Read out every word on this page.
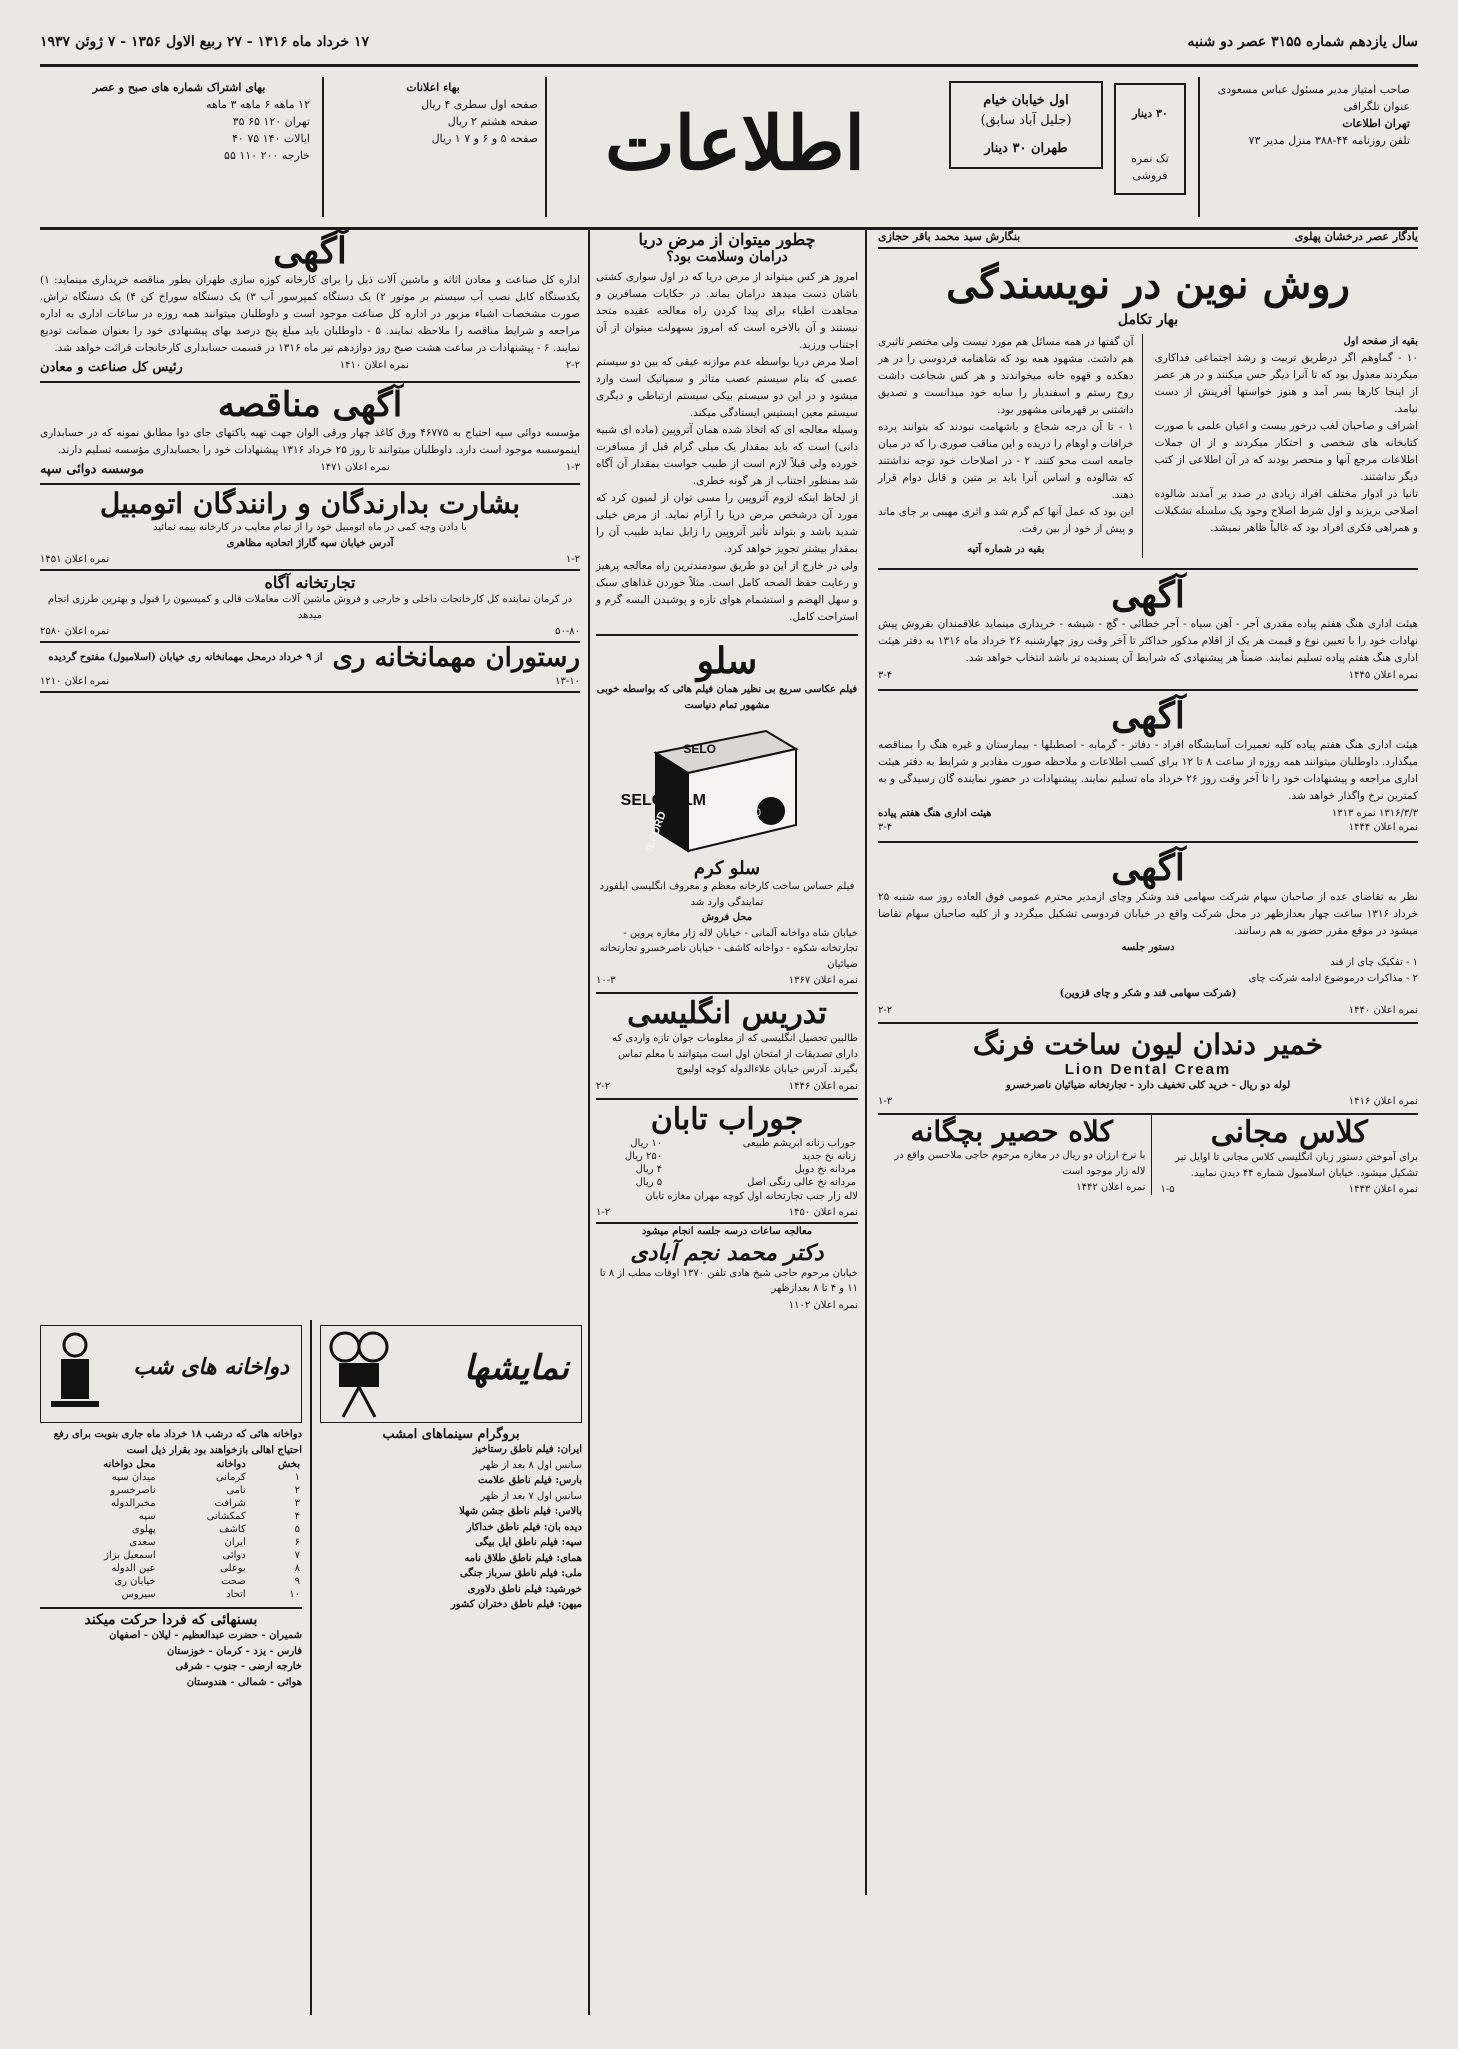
سال یازدهم شماره ۳۱۵۵ عصر دو شنبه
۱۷ خرداد ماه ۱۳۱۶ - ۲۷ ربیع الاول ۱۳۵۶ - ۷ ژوئن ۱۹۳۷
صاحب امتیاز مدیر مسئول عباس مسعودی
عنوان تلگرافی
تهران اطلاعات
تلفن روزنامه ۴۴-۳۸۸ منزل مدیر ۷۳
۳۰ دینار
تک نمره فروشی
اول خیابان خیام
(جلیل آباد سابق)
طهران ۳۰ دینار
اطلاعات
بهاء اعلانات
صفحه اول سطری ۴ ریال
صفحه هشتم ۲ ریال
صفحه ۵ و ۶ و ۷ ۱ ریال
بهای اشتراک شماره های صبح و عصر
۱۲ ماهه ۶ ماهه ۳ ماهه
تهران ۱۲۰ ۶۵ ۳۵
ایالات ۱۴۰ ۷۵ ۴۰
خارجه ۲۰۰ ۱۱۰ ۵۵
یادگار عصر درخشان پهلوی
بنگارش سید محمد باقر حجازی
روش نوین در نویسندگی
بهار تکامل
بقیه از صفحه اول

۱۰ - گماوهم اگر درطریق تربیت و رشد اجتماعی فداکاری میکردند معذول بود که تا آنرا دیگر حس میکنند و در هر عصر از اینجا کارها بسر آمد و هنوز خواستها آفرینش از دست نیامد.

اشراف و صاحبان لغب درخور بیست و اعیان علمی با صورت کتابخانه های شخصی و احتکار میکردند و از ان جملات اطلاعات مرجع آنها و منحصر بودند که در آن اطلاعی از کتب دیگر نداشتند.

تانیا در ادوار مختلف افراد زیادی در صدد بر آمدند شالوده اصلاحی بریزند و اول شرط اصلاح وجود یک سلسله تشکیلات و همراهی فکری افراد بود که غالباً ظاهر نمیشد.

آن گفتها در همه مسائل هم مورد نیست ولی مختصر تاثیری هم داشت. مشهود همه بود که شاهنامه فردوسی را در هر دهکده و قهوه خانه میخواندند و هر کس شجاعت داشت روح رستم و اسفندیار را سایه خود میدانست و تصدیق داشتنی بر قهرمانی مشهور بود.

۱ - تا آن درجه شجاع و باشهامت نبودند که بتوانند پرده خرافات و اوهام را دریده و این مناقب صوری را که در میان جامعه است محو کنند. ۲ - در اصلاحات خود توجه نداشتند که شالوده و اساس آنرا باید بر متین و قابل دوام قرار دهند.

این بود که عمل آنها کم گرم شد و اثری مهیبی بر جای ماند و پیش از خود از بین رفت.

بقیه در شماره آتیه
آگهی

هیئت ادارى هنگ هفتم پیاده مقدری آجر - آهن سیاه - آجر خطائی - گچ - شیشه - خریداری مینماید علاقمندان بفروش پیش نهادات خود را با تعیین نوع و قیمت هر یک از اقلام مذکور حداکثر تا آخر وقت روز چهارشنبه ۲۶ خرداد ماه ۱۳۱۶ به دفتر هیئت ادارى هنگ هفتم پیاده تسلیم نمایند. ضمناً هر پیشنهادی که شرایط آن پسندیده تر باشد انتخاب خواهد شد.

نمره اعلان ۱۴۴۵
۳-۴
آگهی

هیئت ادارى هنگ هفتم پیاده کلیه تعمیرات آسایشگاه افراد - دفاتر - گرمابه - اصطبلها - بیمارستان و غیره هنگ را بمناقصه میگذارد. داوطلبان میتوانند همه روزه از ساعت ۸ تا ۱۲ برای کسب اطلاعات و ملاحظه صورت مقادیر و شرایط به دفتر هیئت ادارى مراجعه و پیشنهادات خود را تا آخر وقت روز ۲۶ خرداد ماه تسلیم نمایند. پیشنهادات در حضور نماینده گان رسیدگی و به کمترین نرخ واگذار خواهد شد.

۱۳۱۶/۳/۳ نمره ۱۳۱۳
هیئت ادارى هنگ هفتم پیاده
نمره اعلان ۱۴۴۴
۳-۴
آگهی

نظر به تقاضای عده از صاحبان سهام شرکت سهامی قند وشکر وچای ازمدیر محترم عمومی فوق العاده روز سه شنبه ۲۵ خرداد ۱۳۱۶ ساعت چهار بعدازظهر در محل شرکت واقع در خیابان فردوسی تشکیل میگردد و از کلیه صاحبان سهام تقاضا میشود در موقع مقرر حضور به هم رسانند.

دستور جلسه
۱ - تفکیک چای از قند
۲ - مذاکرات درموضوع ادامه شرکت چای
(شرکت سهامی قند و شکر و چای قزوین)
نمره اعلان ۱۴۴۰
۲-۲
خمیر دندان لیون ساخت فرنگ
Lion Dental Cream
لوله دو ریال - خرید کلی تخفیف دارد - تجارتخانه ضیائیان ناصرخسرو
نمره اعلان ۱۴۱۶
۱-۳
کلاس مجانی

برای آموختن دستور زبان انگلیسی کلاس مجانی تا اوایل تیر تشکیل میشود. خیابان اسلامبول شماره ۴۴ دیدن نمایید.

نمره اعلان ۱۴۴۳
۱-۵
کلاه حصیر بچگانه

با نرخ ارزان دو ریال در مغازه مرحوم حاجی ملاحسن واقع در لاله زار موجود است

نمره اعلان ۱۴۴۲
چطور میتوان از مرض دریا
درامان وسلامت بود؟

امروز هر کس میتواند از مرض دریا که در اول سواری کشتی باشان دست میدهد درامان بماند. در حکایات مسافرین و مجاهدت اطباء برای پیدا کردن راه معالجه عقیده متحد نیستند و آن بالاخره است که امروز بسهولت میتوان از آن اجتناب ورزید.

اصلا مرض دریا بواسطه عدم موازنه عیقی که بین دو سیستم عصبی که بنام سیستم عصب متاثر و سمپاتیک است وارد میشود و در این دو سیستم بیکی سیستم ارتباطی و دیگری سیستم معین ابستیس ایستادگی میکند.

وسیله معالجه ای که اتخاذ شده همان آتروپین (ماده ای شبیه دانی) است که باید بمقدار یک میلی گرام قبل از مسافرت خورده ولی قبلاً لازم است از طبیب حواست بمقدار آن آگاه شد بمنظور اجتناب از هر گونه خطری.

از لحاظ اینکه لزوم آتروپین را مسی توان از لمیون کرد که مورد آن درشخص مرض دریا را آرام نماید. از مرض خیلی شدید باشد و بتواند تأثیر آتروپین را زایل نماید طبیب آن را بمقدار بیشتر تجویز خواهد کرد.

ولی در خارج از این دو طریق سودمندترین راه معالجه پرهیز و رعایت حفظ الصحه کامل است. مثلاً خوردن غذاهای سبک و سهل الهضم و استشمام هوای تازه و پوشیدن البسه گرم و استراحت کامل.

سلو
فیلم عکاسی سریع بی نظیر همان فیلم هائی که بواسطه خوبی مشهور تمام دنیاست
SELO
ILFORD
SELO FILM
120
سلو کرم

فیلم حساس ساخت کارخانه معظم و معروف انگلیسی ایلفورد نمایندگی وارد شد

محل فروش

خیابان شاه دواخانه آلمانی - خیابان لاله زار مغازه پروین - تجارتخانه شکوه - دواخانه کاشف - خیابان ناصرخسرو تجارتخانه ضیائیان

نمره اعلان ۱۳۶۷
۱۰-۳
تدریس انگلیسی

طالبین تحصیل انگلیسی که از معلومات جوان تازه واردی که دارای تصدیقات از امتحان اول است میتوانند با معلم تماس بگیرند. آدرس خیابان علاءالدوله کوچه اولیوچ

نمره اعلان ۱۴۴۶
۲-۲
جوراب تابان
جوراب زنانه ابریشم طبیعی	۱۰ ریال
زنانه نخ جدید	۲۵۰ ریال
مردانه نخ دوبل	۴ ریال
مردانه نخ عالی رنگی اصل	۵ ریال

لاله زار جنب تجارتخانه اول کوچه مهران مغازه تابان

نمره اعلان ۱۴۵۰
۱-۲
معالجه ساعات درسه جلسه انجام میشود
دکتر محمد نجم آبادی

خیابان مرحوم حاجی شیخ هادی تلفن ۱۳۷۰ اوقات مطب از ۸ تا ۱۱ و ۴ تا ۸ بعدازظهر

نمره اعلان ۱۱۰۲
آگهی

اداره کل صناعت و معادن اثاثه و ماشین آلات ذیل را برای کارخانه کوزه سازی طهران بطور مناقصه خریداری مینماید: ۱) یکدستگاه کابل نصب آب سیستم بر موتور ۲) یک دستگاه کمپرسور آب ۳) یک دستگاه سوراخ کن ۴) یک دستگاه تراش. صورت مشخصات اشیاء مزبور در اداره کل صناعت موجود است و داوطلبان میتوانند همه روزه در ساعات اداری به اداره مراجعه و شرایط مناقصه را ملاحظه نمایند. ۵ - داوطلبان باید مبلغ پنج درصد بهای پیشنهادی خود را بعنوان ضمانت تودیع نمایند. ۶ - پیشنهادات در ساعت هشت صبح روز دوازدهم تیر ماه ۱۳۱۶ در قسمت حسابداری کارخانجات قرائت خواهد شد.

۲-۲
نمره اعلان ۱۴۱۰
رئیس کل صناعت و معادن
آگهی مناقصه

مؤسسه دوائی سپه احتیاج به ۴۶۷۷۵ ورق کاغذ چهار ورقی الوان جهت تهیه پاکتهای جای دوا مطابق نمونه که در حسابداری اینموسسه موجود است دارد. داوطلبان میتوانند تا روز ۲۵ خرداد ۱۳۱۶ پیشنهادات خود را بحسابداری مؤسسه تسلیم دارند.

۱-۳
نمره اعلان ۱۴۷۱
موسسه دوائی سپه
بشارت بدارندگان و رانندگان اتومبیل

با دادن وجه کمی در ماه اتومبیل خود را از تمام معایب در کارخانه بیمه نمائید

آدرس خیابان سپه گاراژ اتحادیه مظاهری
۱-۲
نمره اعلان ۱۴۵۱
تجارتخانه آگاه

در کرمان نماینده کل کارخانجات داخلی و خارجی و فروش ماشین آلات معاملات قالی و کمیسیون را قبول و بهترین طرزی انجام میدهد

۵۰-۸۰
نمره اعلان ۲۵۸۰
رستوران مهمانخانه ری
از ۹ خرداد درمحل مهمانخانه ری خیابان (اسلامبول) مفتوح گردیده
۱۳-۱۰
نمره اعلان ۱۲۱۰
نمایشها
بروگرام سینماهای امشب
ایران: فیلم ناطق رستاخیز
سانس اول ۸ بعد از ظهر
بارس: فیلم ناطق علامت
سانس اول ۷ بعد از ظهر
بالاس: فیلم ناطق جشن شهلا
دیده بان: فیلم ناطق خداکار
سپه: فیلم ناطق ایل بیگی
همای: فیلم ناطق طلاق نامه
ملی: فیلم ناطق سرباز جنگی
خورشید: فیلم ناطق دلاوری
میهن: فیلم ناطق دختران کشور
دواخانه های شب

دواخانه هائی که درشب ۱۸ خرداد ماه جاری بنوبت برای رفع احتیاج اهالی بازخواهند بود بقرار ذیل است

بخش	دواخانه	محل دواخانه
۱	کرمانی	میدان سپه
۲	نامی	ناصرخسرو
۳	شرافت	مخبرالدوله
۴	کمکشانی	سپه
۵	کاشف	پهلوی
۶	ایران	سعدی
۷	دوائی	اسمعیل بزاز
۸	بوعلی	عین الدوله
۹	صحت	خیابان ری
۱۰	اتحاد	سیروس
بسنهائی که فردا حرکت میکند
شمیران - حضرت عبدالعظیم - لیلان - اصفهان
فارس - یزد - کرمان - خوزستان
خارجه ارضی - جنوب - شرقی
هوائی - شمالی - هندوستان
